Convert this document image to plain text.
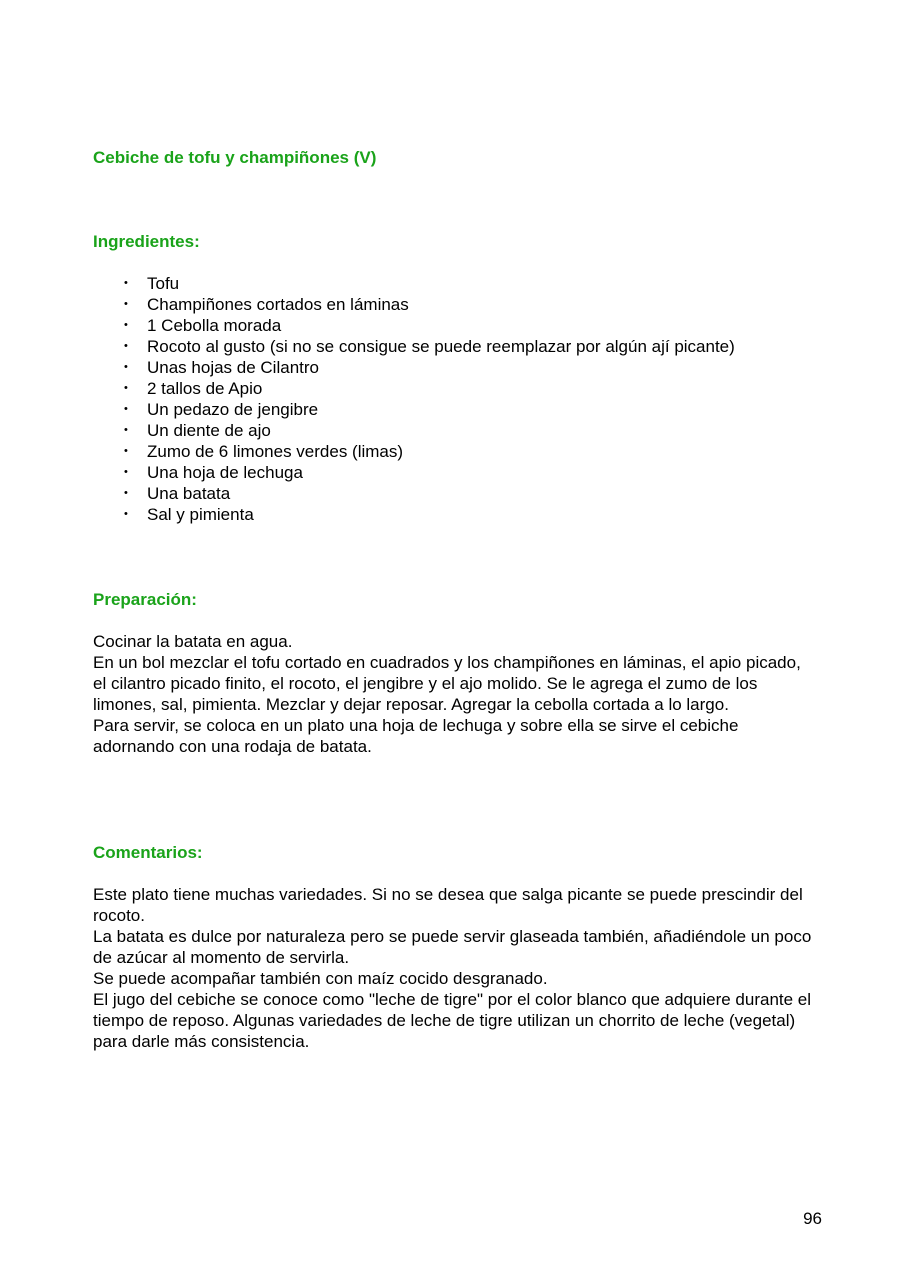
Cebiche de tofu y champiñones (V)
Ingredientes:
• Tofu
• Champiñones cortados en láminas
• 1 Cebolla morada
• Rocoto al gusto (si no se consigue se puede reemplazar por algún ají picante)
• Unas hojas de Cilantro
• 2 tallos de Apio
• Un pedazo de jengibre
• Un diente de ajo
• Zumo de 6 limones verdes (limas)
• Una hoja de lechuga
• Una batata
• Sal y pimienta
Preparación:

Cocinar la batata en agua.

En un bol mezclar el tofu cortado en cuadrados y los champiñones en láminas, el apio picado, el cilantro picado finito, el rocoto, el jengibre y el ajo molido. Se le agrega el zumo de los limones, sal, pimienta. Mezclar y dejar reposar. Agregar la cebolla cortada a lo largo.

Para servir, se coloca en un plato una hoja de lechuga y sobre ella se sirve el cebiche adornando con una rodaja de batata.

Comentarios:

Este plato tiene muchas variedades. Si no se desea que salga picante se puede prescindir del rocoto.

La batata es dulce por naturaleza pero se puede servir glaseada también, añadiéndole un poco de azúcar al momento de servirla.

Se puede acompañar también con maíz cocido desgranado.

El jugo del cebiche se conoce como "leche de tigre" por el color blanco que adquiere durante el tiempo de reposo. Algunas variedades de leche de tigre utilizan un chorrito de leche (vegetal) para darle más consistencia.

96
